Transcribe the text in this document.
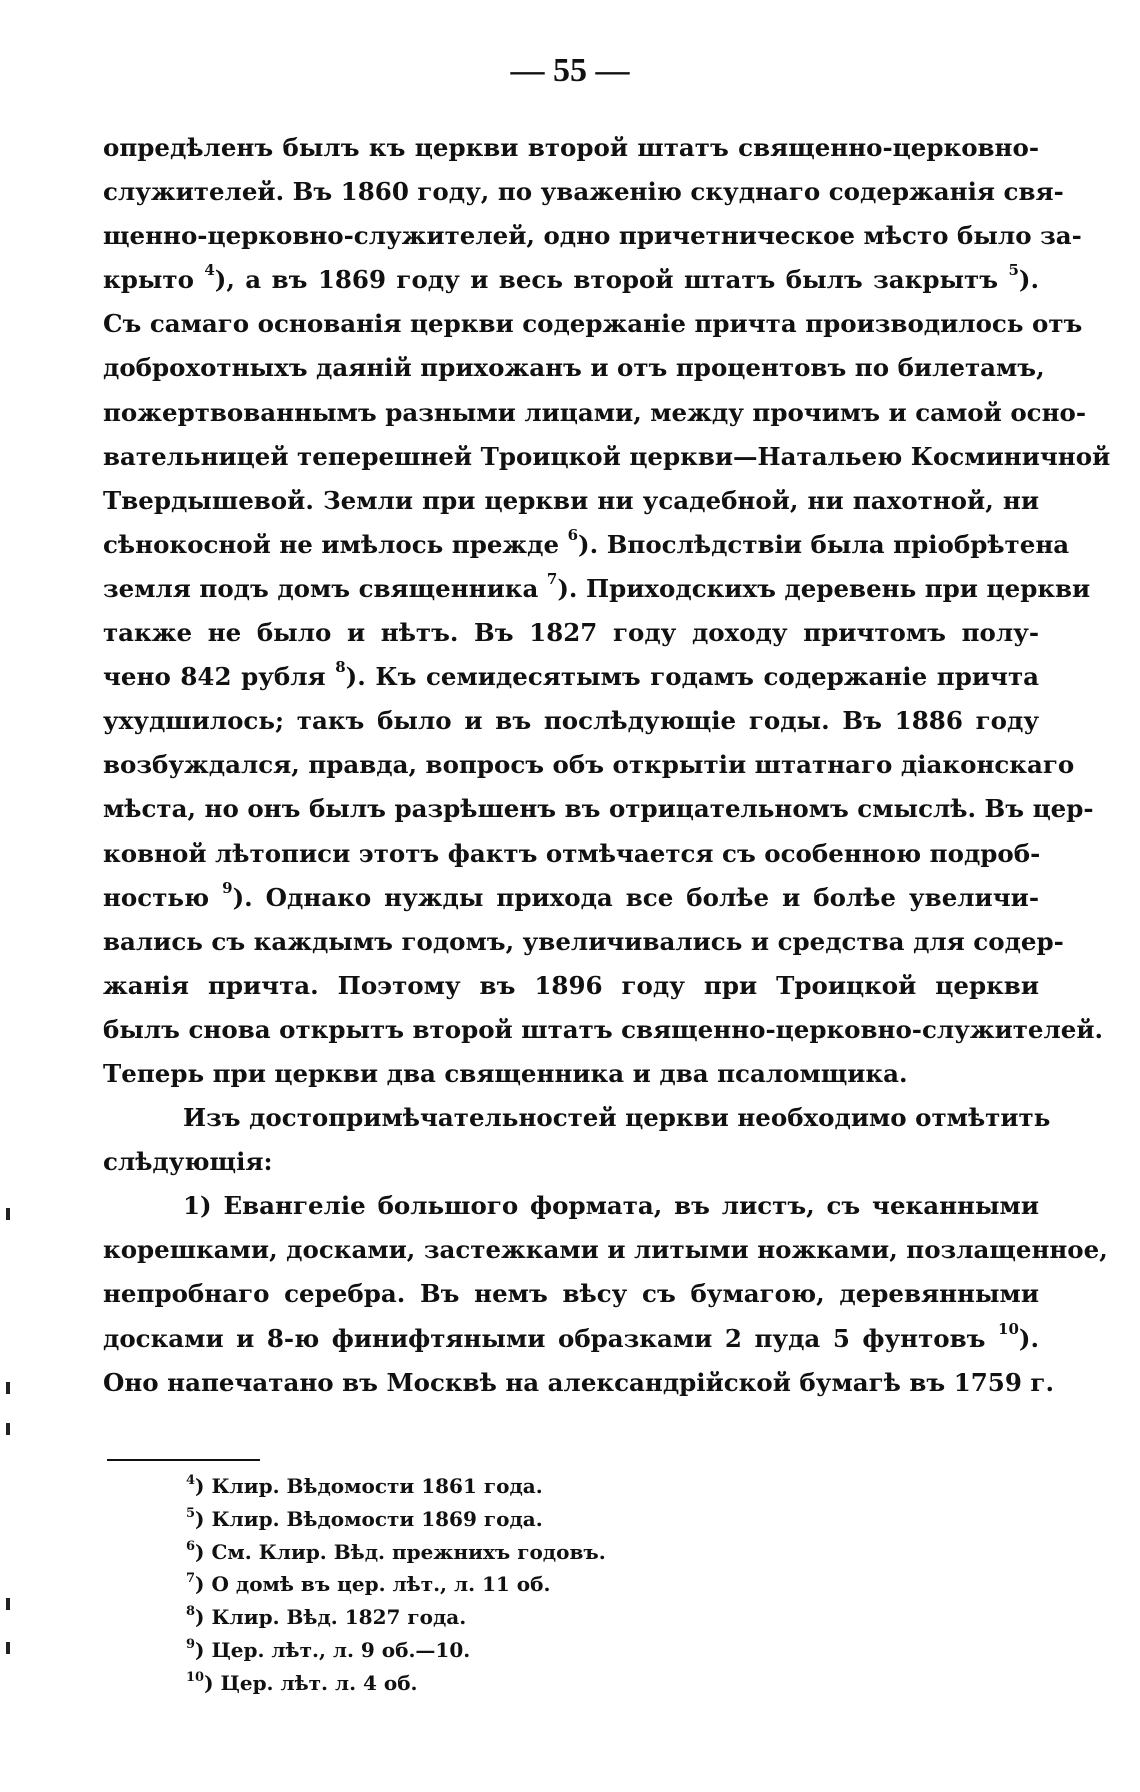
— 55 —
опредѣленъ былъ къ церкви второй штатъ священно-церковно-
служителей. Въ 1860 году, по уваженію скуднаго содержанія свя-
щенно-церковно-служителей, одно причетническое мѣсто было за-
крыто $^4$), а въ 1869 году и весь второй штатъ былъ закрытъ $^5$).
Съ самаго основанія церкви содержаніе причта производилось отъ
доброхотныхъ даяній прихожанъ и отъ процентовъ по билетамъ,
пожертвованнымъ разными лицами, между прочимъ и самой осно-
вательницей теперешней Троицкой церкви—Натальею Косминичной
Твердышевой. Земли при церкви ни усадебной, ни пахотной, ни
сѣнокосной не имѣлось прежде $^6$). Впослѣдствіи была пріобрѣтена
земля подъ домъ священника $^7$). Приходскихъ деревень при церкви
также не было и нѣтъ. Въ 1827 году доходу причтомъ полу-
чено 842 рубля $^8$). Къ семидесятымъ годамъ содержаніе причта
ухудшилось; такъ было и въ послѣдующіе годы. Въ 1886 году
возбуждался, правда, вопросъ объ открытіи штатнаго діаконскаго
мѣста, но онъ былъ разрѣшенъ въ отрицательномъ смыслѣ. Въ цер-
ковной лѣтописи этотъ фактъ отмѣчается съ особенною подроб-
ностью $^9$). Однако нужды прихода все болѣе и болѣе увеличи-
вались съ каждымъ годомъ, увеличивались и средства для содер-
жанія причта. Поэтому въ 1896 году при Троицкой церкви
былъ снова открытъ второй штатъ священно-церковно-служителей.
Теперь при церкви два священника и два псаломщика.
Изъ достопримѣчательностей церкви необходимо отмѣтить
слѣдующія:
1) Евангеліе большого формата, въ листъ, съ чеканными
корешками, досками, застежками и литыми ножками, позлащенное,
непробнаго серебра. Въ немъ вѣсу съ бумагою, деревянными
досками и 8-ю финифтяными образками 2 пуда 5 фунтовъ $^{10}$).
Оно напечатано въ Москвѣ на александрійской бумагѣ въ 1759 г.
$^4$) Клир. Вѣдомости 1861 года.
$^5$) Клир. Вѣдомости 1869 года.
$^6$) См. Клир. Вѣд. прежнихъ годовъ.
$^7$) О домѣ въ цер. лѣт., л. 11 об.
$^8$) Клир. Вѣд. 1827 года.
$^9$) Цер. лѣт., л. 9 об.—10.
$^{10}$) Цер. лѣт. л. 4 об.
